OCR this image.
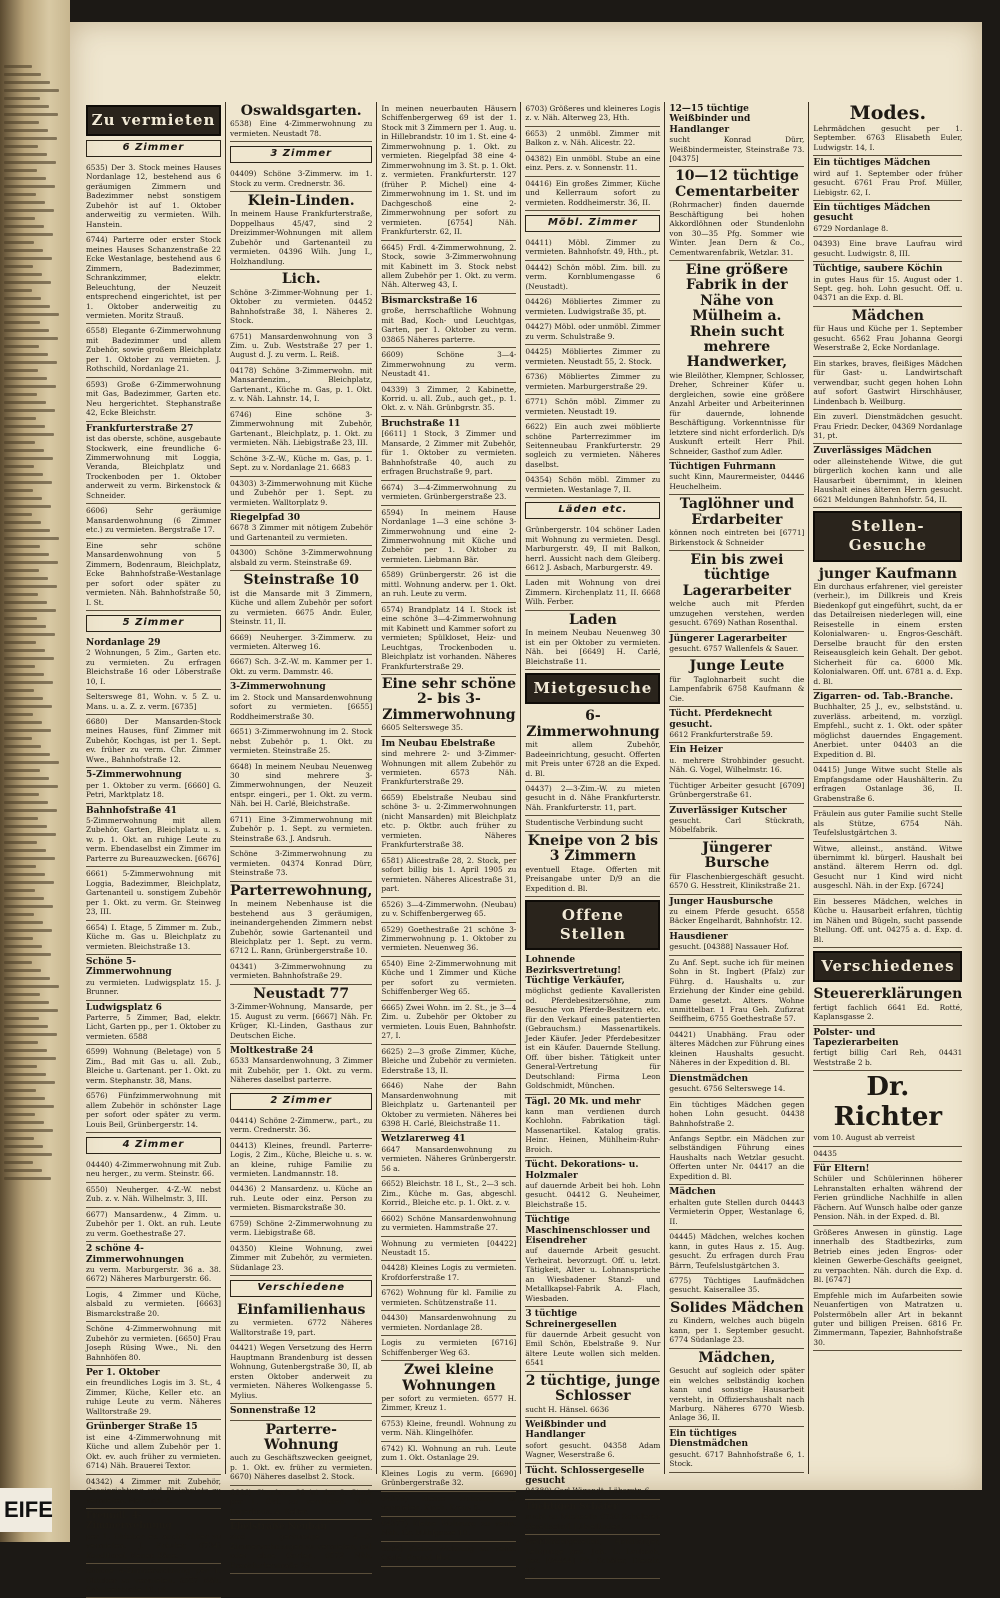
EIFE
Zu vermieten
6 Zimmer
6535) Der 3. Stock meines Hauses Nordanlage 12, bestehend aus 6 geräumigen Zimmern und Badezimmer nebst sonstigem Zubehör ist auf 1. Oktober anderweitig zu vermieten. Wilh. Hanstein.
6744) Parterre oder erster Stock meines Hauses Schanzenstraße 22 Ecke Westanlage, bestehend aus 6 Zimmern, Badezimmer, Schrankzimmer, elektr. Beleuchtung, der Neuzeit entsprechend eingerichtet, ist per 1. Oktober anderweitig zu vermieten. Moritz Strauß.
6558) Elegante 6-Zimmerwohnung mit Badezimmer und allem Zubehör, sowie großem Bleichplatz per 1. Oktober zu vermieten. J. Rothschild, Nordanlage 21.
6593) Große 6-Zimmerwohnung mit Gas, Badezimmer, Garten etc. Neu hergerichtet. Stephanstraße 42, Ecke Bleichstr.
Frankfurterstraße 27
ist das oberste, schöne, ausgebaute Stockwerk, eine freundliche 6-Zimmerwohnung mit Loggia, Veranda, Bleichplatz und Trockenboden per 1. Oktober anderweit zu verm. Birkenstock & Schneider.
6606) Sehr geräumige Mansardenwohnung (6 Zimmer etc.) zu vermieten. Bergstraße 17.
Eine sehr schöne Mansardenwohnung von 5 Zimmern, Bodenraum, Bleichplatz, Ecke Bahnhofstraße-Westanlage per sofort oder später zu vermieten. Näh. Bahnhofstraße 50, I. St.
5 Zimmer
Nordanlage 29
2 Wohnungen, 5 Zim., Garten etc. zu vermieten. Zu erfragen Bleichstraße 16 oder Löberstraße 10, I.
Selterswege 81, Wohn. v. 5 Z. u. Mans. u. a. Z. z. verm. [6735]
6680) Der Mansarden-Stock meines Hauses, fünf Zimmer mit Zubehör, Kochgas, ist per 1. Sept. ev. früher zu verm. Chr. Zimmer Wwe., Bahnhofstraße 12.
5-Zimmerwohnung
per 1. Oktober zu verm. [6660] G. Petri, Marktplatz 18.
Bahnhofstraße 41
5-Zimmerwohnung mit allem Zubehör, Garten, Bleichplatz u. s. w. p. 1. Okt. an ruhige Leute zu verm. Ebendaselbst ein Zimmer im Parterre zu Bureauzwecken. [6676]
6661) 5-Zimmerwohnung mit Loggia, Badezimmer, Bleichplatz, Gartenanteil u. sonstigem Zubehör per 1. Okt. zu verm. Gr. Steinweg 23, III.
6654) I. Etage, 5 Zimmer m. Zub., Küche m. Gas u. Bleichplatz zu vermieten. Bleichstraße 13.
Schöne 5-Zimmerwohnung
zu vermieten. Ludwigsplatz 15. J. Brunner.
Ludwigsplatz 6
Parterre, 5 Zimmer, Bad, elektr. Licht, Garten pp., per 1. Oktober zu vermieten. 6588
6599) Wohnung (Beletage) von 5 Zim., Bad mit Gas u. all. Zub., Bleiche u. Gartenant. per 1. Okt. zu verm. Stephanstr. 38, Mans.
6576) Fünfzimmerwohnung mit allem Zubehör in schönster Lage per sofort oder später zu verm. Louis Beil, Grünbergerstr. 14.
4 Zimmer
04440) 4-Zimmerwohnung mit Zub. neu herger., zu verm. Steinstr. 66.
6550) Neuherger. 4-Z.-W. nebst Zub. z. v. Näh. Wilhelmstr. 3, III.
6677) Mansardenw., 4 Zimm. u. Zubehör per 1. Okt. an ruh. Leute zu verm. Goethestraße 27.
2 schöne 4-Zimmerwohnungen
zu verm. Marburgerstr. 36 a. 38. 6672) Näheres Marburgerstr. 66.
Logis, 4 Zimmer und Küche, alsbald zu vermieten. [6663] Bismarckstraße 20.
Schöne 4-Zimmerwohnung mit Zubehör zu vermieten. [6650] Frau Joseph Rüsing Wwe., Ni. den Bahnhöfen 80.
Per 1. Oktober
ein freundliches Logis im 3. St., 4 Zimmer, Küche, Keller etc. an ruhige Leute zu verm. Näheres Walltorstraße 29.
Grünberger Straße 15
ist eine 4-Zimmerwohnung mit Küche und allem Zubehör per 1. Okt. ev. auch früher zu vermieten. 6714) Näh. Brauerei Textor.
04342) 4 Zimmer mit Zubehör, Gaseinrichtung und Bleichplatz zu vermieten. Neustadt 4.
Freundl. 4-Zimmerwohnung
per 1. Oktober ev. auch früher zu vermieten. J. Kräuter, 6734) Konditorei, Neuen Bäue.
Schöne 4-Zimmerwohnung per 1. Oktober zu vermieten. 6557 Näh. Schulzeistraße 16, pt.
Oswaldsgarten.
6538) Eine 4-Zimmerwohnung zu vermieten. Neustadt 78.
3 Zimmer
04409) Schöne 3-Zimmerw. im 1. Stock zu verm. Crednerstr. 36.
Klein-Linden.
In meinem Hause Frankfurterstraße, Doppelhaus 45/47, sind 2 Dreizimmer-Wohnungen mit allem Zubehör und Gartenanteil zu vermieten. 04396 Wilh. Jung I., Holzhandlung.
Lich.
Schöne 3-Zimmer-Wohnung per 1. Oktober zu vermieten. 04452 Bahnhofstraße 38, I. Näheres 2. Stock.
6751) Mansardenwohnung von 3 Zim. u. Zub. Weststraße 27 per 1. August d. J. zu verm. L. Reiß.
04178) Schöne 3-Zimmerwohn. mit Mansardenzim., Bleichplatz, Gartenant., Küche m. Gas, p. 1. Okt. z. v. Näh. Lahnstr. 14, I.
6746) Eine schöne 3-Zimmerwohnung mit Zubehör, Gartenant., Bleichplatz, p. 1. Okt. zu vermieten. Näh. Liebigstraße 23, III.
Schöne 3-Z.-W., Küche m. Gas, p. 1. Sept. zu v. Nordanlage 21. 6683
04303) 3-Zimmerwohnung mit Küche und Zubehör per 1. Sept. zu vermieten. Walltorplatz 9.
Riegelpfad 30
6678 3 Zimmer mit nötigem Zubehör und Gartenanteil zu vermieten.
04300) Schöne 3-Zimmerwohnung alsbald zu verm. Steinstraße 69.
Steinstraße 10
ist die Mansarde mit 3 Zimmern, Küche und allem Zubehör per sofort zu vermieten. 6675 Andr. Euler, Steinstr. 11, II.
6669) Neuherger. 3-Zimmerw. zu vermieten. Alterweg 16.
6667) Sch. 3-Z.-W. m. Kammer per 1. Okt. zu verm. Dammstr. 46.
3-Zimmerwohnung
im 2. Stock und Mansardenwohnung sofort zu vermieten. [6655] Roddheimerstraße 30.
6651) 3-Zimmerwohnung im 2. Stock nebst Zubehör p. 1. Okt. zu vermieten. Steinstraße 25.
6648) In meinem Neubau Neuenweg 30 sind mehrere 3-Zimmerwohnungen, der Neuzeit entspr. eingeri., per 1. Okt. zu verm. Näh. bei H. Carlé, Bleichstraße.
6711) Eine 3-Zimmerwohnung mit Zubehör p. 1. Sept. zu vermieten. Steinstraße 63. J. Andsruh.
Schöne 3-Zimmerwohnung zu vermieten. 04374 Konrad Dürr, Steinstraße 73.
Parterrewohnung,
In meinem Nebenhause ist die bestehend aus 3 geräumigen, ineinandergehenden Zimmern nebst Zubehör, sowie Gartenanteil und Bleichplatz per 1. Sept. zu verm. 6712 L. Rann, Grünbergerstraße 10.
04341) 3-Zimmerwohnung zu vermieten. Bahnhofstraße 29.
Neustadt 77
3-Zimmer-Wohnung, Mansarde, per 15. August zu verm. [6667] Näh. Fr. Krüger, Kl.-Linden, Gasthaus zur Deutschen Eiche.
Moltkestraße 24
6533 Mansardenwohnung, 3 Zimmer mit Zubehör, per 1. Okt. zu verm. Näheres daselbst parterre.
2 Zimmer
04414) Schöne 2-Zimmerw., part., zu verm. Crednerstr. 36.
04413) Kleines, freundl. Parterre-Logis, 2 Zim., Küche, Bleiche u. s. w. an kleine, ruhige Familie zu vermieten. Landmannstr. 18.
04436) 2 Mansardenz. u. Küche an ruh. Leute oder einz. Person zu vermieten. Bismarckstraße 30.
6759) Schöne 2-Zimmerwohnung zu verm. Liebigstraße 68.
04350) Kleine Wohnung, zwei Zimmer mit Zubehör, zu vermieten. Südanlage 23.
Verschiedene
Einfamilienhaus
zu vermieten. 6772 Näheres Walltorstraße 19, part.
04421) Wegen Versetzung des Herrn Hauptmann Brandenburg ist dessen Wohnung, Gutenbergstraße 30, II, ab ersten Oktober anderweit zu vermieten. Näheres Wolkengasse 5. Mylius.
Sonnenstraße 12
Parterre-Wohnung
auch zu Geschäftszwecken geeignet, p. 1. Okt. ev. früher zu vermieten. 6670) Näheres daselbst 2. Stock.
6666) Chaulage 39 ist der 3. Stock per 1. Okt. zu vermieten. Näh. Lagerhaus. A. Keller.
Ebelstraße Neubau
sind geräumige 4—5-Zimmerwohnungen zu vermieten, mit oder ohne Garten. 6572 Näh. Frankfurterstraße 29.
In meinen neuerbauten Häusern Schiffenbergerweg 69 ist der 1. Stock mit 3 Zimmern per 1. Aug. u. in Hillebrandstr. 10 im 1. St. eine 4-Zimmerwohnung p. 1. Okt. zu vermieten. Riegelpfad 38 eine 4-Zimmerwohnung im 3. St. p. 1. Okt. z. vermieten. Frankfurterstr. 127 (früher P. Michel) eine 4-Zimmerwohnung im 1. St. und im Dachgeschoß eine 2-Zimmerwohnung per sofort zu vermieten. [6754] Näh. Frankfurterstr. 62, II.
6645) Frdl. 4-Zimmerwohnung, 2. Stock, sowie 3-Zimmerwohnung mit Kabinett im 3. Stock nebst allem Zubehör per 1. Okt. zu verm. Näh. Alterweg 43, I.
Bismarckstraße 16
große, herrschaftliche Wohnung mit Bad, Koch- und Leuchtgas, Garten, per 1. Oktober zu verm. 03865 Näheres parterre.
6609) Schöne 3—4-Zimmerwohnung zu verm. Neustadt 41.
04339) 3 Zimmer, 2 Kabinette, Korrid. u. all. Zub., auch get., p. 1. Okt. z. v. Näh. Grünbgrstr. 35.
Bruchstraße 11
[6611] 1 Stock, 3 Zimmer und Mansarde, 2 Zimmer mit Zubehör, für 1. Oktober zu vermieten. Bahnhofstraße 40, auch zu erfragen Bruchstraße 9, part.
6674) 3—4-Zimmerwohnung zu vermieten. Grünbergerstraße 23.
6594) In meinem Hause Nordanlage 1—3 eine schöne 3-Zimmerwohnung und eine 2-Zimmerwohnung mit Küche und Zubehör per 1. Oktober zu vermieten. Liebmann Bär.
6589) Grünbergerstr. 26 ist die mittl. Wohnung anderw. per 1. Okt. an ruh. Leute zu verm.
6574) Brandplatz 14 I. Stock ist eine schöne 3—4-Zimmerwohnung mit Kabinett und Kammer sofort zu vermieten; Spülkloset, Heiz- und Leuchtgas, Trockenboden u. Bleichplatz ist vorhanden. Näheres Frankfurterstraße 29.
Eine sehr schöne 2- bis 3-Zimmerwohnung
6605 Selterswege 35.
Im Neubau Ebelstraße
sind mehrere 2- und 3-Zimmer-Wohnungen mit allem Zubehör zu vermieten. 6573 Näh. Frankfurterstraße 29.
6659) Ebelstraße Neubau sind schöne 3- u. 2-Zimmerwohnungen (nicht Mansarden) mit Bleichplatz etc. p. Oktbr. auch früher zu vermieten. Näheres Frankfurterstraße 38.
6581) Alicestraße 28, 2. Stock, per sofort billig bis 1. April 1905 zu vermieten. Näheres Alicestraße 31, part.
6526) 3—4-Zimmerwohn. (Neubau) zu v. Schiffenbergerweg 65.
6529) Goethestraße 21 schöne 3-Zimmerwohnung p. 1. Oktober zu vermieten. Neuenweg 36.
6540) Eine 2-Zimmerwohnung mit Küche und 1 Zimmer und Küche per sofort zu vermieten. Schiffenberger Weg 65.
6665) Zwei Wohn. im 2. St., je 3—4 Zim. u. Zubehör per Oktober zu vermieten. Louis Euen, Bahnhofstr. 27, I.
6625) 2—3 große Zimmer, Küche, Bleiche und Zubehör zu vermieten. Ederstraße 13, II.
6646) Nahe der Bahn Mansardenwohnung mit Bleichplatz u. Gartenanteil per Oktober zu vermieten. Näheres bei 6398 H. Carlé, Bleichstraße 11.
Wetzlarerweg 41
6647 Mansardenwohnung zu vermieten. Näheres Grünbergerstr. 56 a.
6652) Bleichstr. 18 I., St., 2—3 sch. Zim., Küche m. Gas, abgeschl. Korrid., Bleiche etc. p. 1. Okt. z. v.
6602) Schöne Mansardenwohnung zu vermieten. Hammstraße 27.
Wohnung zu vermieten [04422] Neustadt 15.
04428) Kleines Logis zu vermieten. Krofdorferstraße 17.
6762) Wohnung für kl. Familie zu vermieten. Schützenstraße 11.
04430) Mansardenwohnung zu vermieten. Nordanlage 28.
Logis zu vermieten [6716] Schiffenberger Weg 63.
Zwei kleine Wohnungen
per sofort zu vermieten. 6577 H. Zimmer, Kreuz 1.
6753) Kleine, freundl. Wohnung zu verm. Näh. Klingelhöfer.
6742) Kl. Wohnung an ruh. Leute zum 1. Okt. Ostanlage 29.
Kleines Logis zu verm. [6690] Grünbergerstraße 32.
04379) Kleine Wohnung zu vermieten. Kirch. Kreuz 5.
04377) Kleine Wohnung zu verm. Näh. Gr. Mühlgasse 10.
6604) Kleine Wohnung zu verm. Carlé, Frankf. Hof.
6703) Größeres und kleineres Logis z. v. Näh. Alterweg 23, Hth.
6653) 2 unmöbl. Zimmer mit Balkon z. v. Näh. Alicestr. 22.
04382) Ein unmöbl. Stube an eine einz. Pers. z. v. Sonnenstr. 11.
04416) Ein großes Zimmer, Küche und Kellerraum sofort zu vermieten. Roddheimerstr. 36, II.
Möbl. Zimmer
04411) Möbl. Zimmer zu vermieten. Bahnhofstr. 49, Hth., pt.
04442) Schön möbl. Zim. bill. zu verm. Kornblumengasse 6 (Neustadt).
04426) Möbliertes Zimmer zu vermieten. Ludwigstraße 35, pt.
04427) Möbl. oder unmöbl. Zimmer zu verm. Schulstraße 9.
04425) Möbliertes Zimmer zu vermieten. Neustadt 55, 2. Stock.
6736) Möbliertes Zimmer zu vermieten. Marburgerstraße 29.
6771) Schön möbl. Zimmer zu vermieten. Neustadt 19.
6622) Ein auch zwei möblierte schöne Parterrezimmer im Seitenneubau Frankfurterstr. 29 sogleich zu vermieten. Näheres daselbst.
04354) Schön möbl. Zimmer zu vermieten. Westanlage 7, II.
Läden etc.
Grünbergerstr. 104 schöner Laden mit Wohnung zu vermieten. Desgl. Marburgerstr. 49, II mit Balkon, herrl. Aussicht nach dem Gleiberg. 6612 J. Asbach, Marburgerstr. 49.
Laden mit Wohnung von drei Zimmern. Kirchenplatz 11, II. 6668 Wilh. Ferber.
Laden
In meinem Neubau Neuenweg 30 ist ein per Oktober zu vermieten. Näh. bei [6649] H. Carlé, Bleichstraße 11.
Mietgesuche
6-Zimmerwohnung
mit allem Zubehör, Badeeinrichtung, gesucht. Offerten mit Preis unter 6728 an die Exped. d. Bl.
04437) 2—3-Zim.-W. zu mieten gesucht in d. Nähe Frankfurterstr. Näh. Frankfurterstr. 11, part.
Studentische Verbindung sucht
Kneipe von 2 bis 3 Zimmern
eventuell Etage. Offerten mit Preisangabe unter D/9 an die Expedition d. Bl.
Offene Stellen
Lohnende Bezirksvertretung! Tüchtige Verkäufer,
möglichst gediente Kavalleristen od. Pferdebesitzersöhne, zum Besuche von Pferde-Besitzern etc. für den Verkauf eines patentierten (Gebrauchsm.) Massenartikels. Jeder Käufer. Jeder Pferdebesitzer ist ein Käufer. Dauernde Stellung. Off. über bisher. Tätigkeit unter General-Vertretung für Deutschland: Firma Leon Goldschmidt, München.
Tägl. 20 Mk. und mehr
kann man verdienen durch Kochlohn. Fabrikation tägl. Massenartikel. Katalog gratis. Heinr. Heinen, Mühlheim-Ruhr-Broich.
Tücht. Dekorations- u. Holzmaler
auf dauernde Arbeit bei hoh. Lohn gesucht. 04412 G. Neuheimer, Bleichstraße 15.
Tüchtige Maschinenschlosser und Eisendreher
auf dauernde Arbeit gesucht. Verheirat. bevorzugt. Off. u. letzt. Tätigkeit, Alter u. Lohnansprüche an Wiesbadener Stanzl- und Metallkapsel-Fabrik A. Flach, Wiesbaden.
3 tüchtige Schreinergesellen
für dauernde Arbeit gesucht von Emil Schön, Ebelstraße 9. Nur ältere Leute wollen sich melden. 6541
2 tüchtige, junge Schlosser
sucht H. Hänsel. 6636
Weißbinder und Handlanger
sofort gesucht. 04358 Adam Wagner, Weserstraße 6.
Tücht. Schlossergeselle gesucht
04380) Carl Wigandt, Löberstr. 6.
Tüchtigen Schäfer
sucht zu Michaelis 6760 Schäferei-Gesellschaft Lützellinden.
Weißbindergesellen, Handlanger, Lehrjunge ges. Joh. L. Laubach, ges. [04444] Ph. Schäfer, Diezstr. 13.
12—15 tüchtige Weißbinder und Handlanger
sucht Konrad Dürr, Weißbindermeister, Steinstraße 73. [04375]
10—12 tüchtige Cementarbeiter
(Rohrmacher) finden dauernde Beschäftigung bei hohen Akkordlöhnen oder Stundenlohn von 30—35 Pfg. Sommer wie Winter. Jean Dern & Co., Cementwarenfabrik, Wetzlar. 31.
Eine größere Fabrik in der Nähe von Mülheim a. Rhein sucht mehrere Handwerker,
wie Bleilöther, Klempner, Schlosser, Dreher, Schreiner Küfer u. dergleichen, sowie eine größere Anzahl Arbeiter und Arbeiterinnen für dauernde, lohnende Beschäftigung. Vorkenntnisse für letztere sind nicht erforderlich. D/s Auskunft erteilt Herr Phil. Schneider, Gasthof zum Adler.
Tüchtigen Fuhrmann
sucht Kinn, Maurermeister, 04446 Heuchelheim.
Taglöhner und Erdarbeiter
können noch eintreten bei [6771] Birkenstock & Schneider
Ein bis zwei tüchtige Lagerarbeiter
welche auch mit Pferden umzugehen verstehen, werden gesucht. 6769) Nathan Rosenthal.
Jüngerer Lagerarbeiter
gesucht. 6757 Wallenfels & Sauer.
Junge Leute
für Taglohnarbeit sucht die Lampenfabrik 6758 Kaufmann & Cie.
Tücht. Pferdeknecht gesucht.
6612 Frankfurterstraße 59.
Ein Heizer
u. mehrere Strohbinder gesucht. Näh. G. Vogel, Wilhelmstr. 16.
Tüchtiger Arbeiter gesucht [6709] Grünbergerstraße 61.
Zuverlässiger Kutscher
gesucht. Carl Stückrath, Möbelfabrik.
Jüngerer Bursche
für Flaschenbiergeschäft gesucht. 6570 G. Hesstreit, Klinikstraße 21.
Junger Hausbursche
zu einem Pferde gesucht. 6558 Bäcker Engelhardt, Bahnhofstr. 12.
Hausdiener
gesucht. [04388] Nassauer Hof.
Zu Anf. Sept. suche ich für meinen Sohn in St. Ingbert (Pfalz) zur Führg. d. Haushalts u. zur Erziehung der Kinder eine gebild. Dame gesetzt. Alters. Wohne unmittelbar. 1 Frau Geh. Zufizrat Seiffheim, 6755 Goethestraße 57.
04421) Unabhäng. Frau oder älteres Mädchen zur Führung eines kleinen Haushalts gesucht. Näheres in der Expedition d. Bl.
Dienstmädchen
gesucht. 6756 Selterswege 14.
Ein tüchtiges Mädchen gegen hohen Lohn gesucht. 04438 Bahnhofstraße 2.
Anfangs Septbr. ein Mädchen zur selbständigen Führung eines Haushalts nach Wetzlar gesucht. Offerten unter Nr. 04417 an die Expedition d. Bl.
Mädchen
erhalten gute Stellen durch 04443 Vermieterin Opper, Westanlage 6, II.
04445) Mädchen, welches kochen kann, in gutes Haus z. 15. Aug. gesucht. Zu erfragen durch Frau Bärrn, Teufelslustgärtchen 3.
6775) Tüchtiges Laufmädchen gesucht. Kaiserallee 35.
Solides Mädchen
zu Kindern, welches auch bügeln kann, per 1. September gesucht. 6774 Südanlage 23.
Mädchen,
Gesucht auf sogleich oder später ein welches selbständig kochen kann und sonstige Hausarbeit versteht, in Offiziershaushalt nach Marburg. Näheres 6770 Wiesb. Anlage 36, II.
Ein tüchtiges Dienstmädchen
gesucht. 6717 Bahnhofstraße 6, 1. Stock.
Modes.
Lehrmädchen gesucht per 1. September. 6763 Elisabeth Euler, Ludwigstr. 14, I.
Ein tüchtiges Mädchen
wird auf 1. September oder früher gesucht. 6761 Frau Prof. Müller, Liebigstr. 62, I.
Ein tüchtiges Mädchen gesucht
6729 Nordanlage 8.
04393) Eine brave Laufrau wird gesucht. Ludwigstr. 8, III.
Tüchtige, saubere Köchin
in gutes Haus für 15. August oder 1. Sept. geg. hoh. Lohn gesucht. Off. u. 04371 an die Exp. d. Bl.
Mädchen
für Haus und Küche per 1. September gesucht. 6562 Frau Johanna Georgi Weserstraße 2, Ecke Nordanlage.
Ein starkes, braves, fleißiges Mädchen für Gast- u. Landwirtschaft verwendbar, sucht gegen hohen Lohn auf sofort Gastwirt Hirschhäuser, Lindenbach b. Weilburg.
Ein zuverl. Dienstmädchen gesucht. Frau Friedr. Decker, 04369 Nordanlage 31, pt.
Zuverlässiges Mädchen
oder alleinstehende Witwe, die gut bürgerlich kochen kann und alle Hausarbeit übernimmt, in kleinen Haushalt eines älteren Herrn gesucht. 6621 Meldungen Bahnhofstr. 54, II.
Stellen-Gesuche
junger Kaufmann
Ein durchaus erfahrener, viel gereister (verheir.), im Dillkreis und Kreis Biedenkopf gut eingeführt, sucht, da er das Detailreisen niederlegen will, eine Reisestelle in einem ersten Kolonialwaren- u. Engros-Geschäft. Derselbe braucht für den ersten Reiseausgleich kein Gehalt. Der gebot. Sicherheit für ca. 6000 Mk. Kolonialwaren. Off. unt. 6781 a. d. Exp. d. Bl.
Zigarren- od. Tab.-Branche.
Buchhalter, 25 J., ev., selbstständ. u. zuverläss. arbeitend, m. vorzügl. Empfehl., sucht z. 1. Okt. oder später möglichst dauerndes Engagement. Anerbiet. unter 04403 an die Expedition d. Bl.
04415) Junge Witwe sucht Stelle als Empfangsdame oder Haushälterin. Zu erfragen Ostanlage 36, II. Grabenstraße 6.
Fräulein aus guter Familie sucht Stelle als Stütze, 6754 Näh. Teufelslustgärtchen 3.
Witwe, alleinst., anständ. Witwe übernimmt kl. bürgerl. Haushalt bei anständ. älterem Herrn od. dgl. Gesucht nur 1 Kind wird nicht ausgeschl. Näh. in der Exp. [6724]
Ein besseres Mädchen, welches in Küche u. Hausarbeit erfahren, tüchtig im Nähen und Bügeln, sucht passende Stellung. Off. unt. 04275 a. d. Exp. d. Bl.
Verschiedenes
Steuererklärungen
fertigt fachlich 6641 Ed. Rotté, Kaplansgasse 2.
Polster- und Tapezierarbeiten
fertigt billig Carl Reh, 04431 Weststraße 2 b.
Dr. Richter
vom 10. August ab verreist
04435
Für Eltern!
Schüler und Schülerinnen höherer Lehranstalten erhalten während der Ferien gründliche Nachhilfe in allen Fächern. Auf Wunsch halbe oder ganze Pension. Näh. in der Exped. d. Bl.
Größeres Anwesen in günstig. Lage innerhalb des Stadtbezirks, zum Betrieb eines jeden Engros- oder kleinen Gewerbe-Geschäfts geeignet, zu verpachten. Näh. durch die Exp. d. Bl. [6747]
Empfehle mich im Aufarbeiten sowie Neuanfertigen von Matratzen u. Polstermöbeln aller Art in bekannt guter und billigen Preisen. 6816 Fr. Zimmermann, Tapezier, Bahnhofstraße 30.
